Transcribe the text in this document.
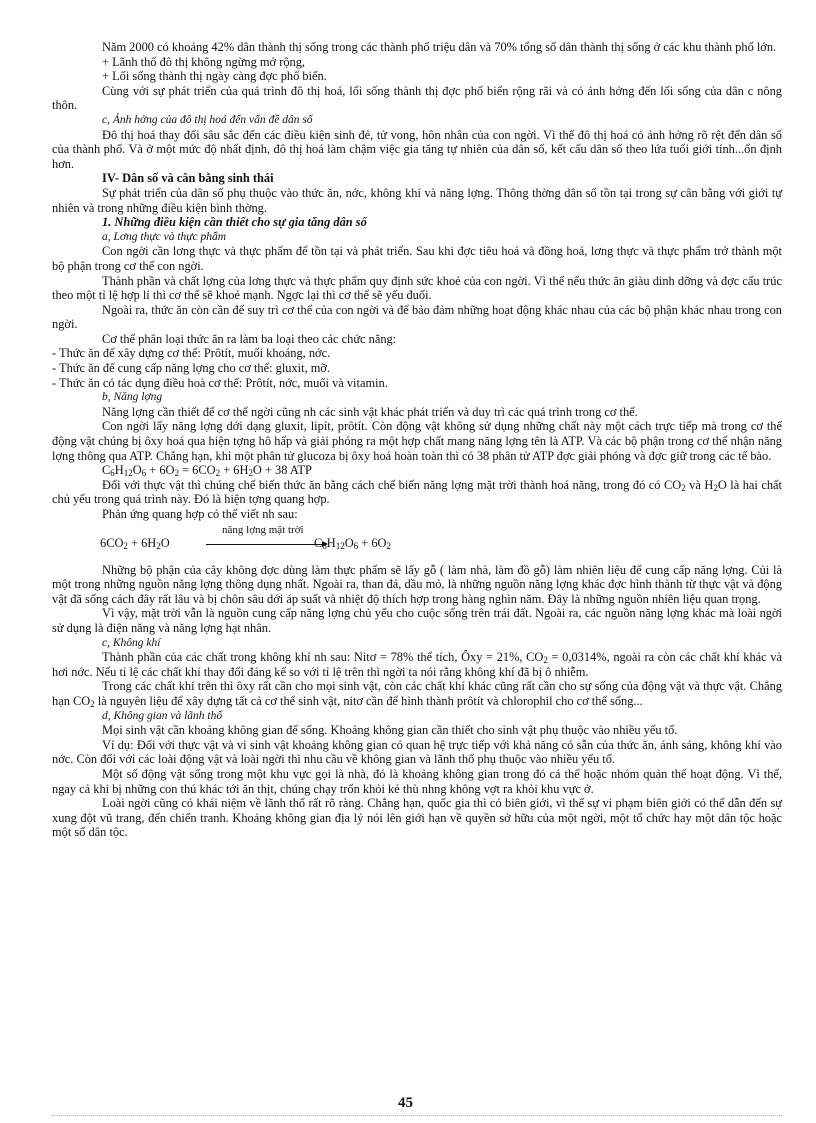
Năm 2000 có khoảng 42% dân thành thị sống trong các thành phố triệu dân và 70% tổng số dân thành thị sống ở các khu thành phố lớn.

+ Lãnh thổ đô thị không ngừng mở rộng,

+ Lối sống thành thị ngày càng đợc phổ biến.

Cùng với sự phát triển của quá trình đô thị hoá, lối sống thành thị đợc phổ biến rộng rãi và có ảnh hởng đến lối sống của dân c nông thôn.

c, Ảnh hởng của đô thị hoá đến vấn đề dân số

Đô thị hoá thay đổi sâu sắc đến các điều kiện sinh đẻ, tử vong, hôn nhân của con ngời. Vì thế đô thị hoá có ảnh hởng rõ rệt đến dân số của thành phố. Và ở một mức độ nhất định, đô thị hoá làm chậm việc gia tăng tự nhiên của dân số, kết cấu dân số theo lứa tuổi giới tính...ổn định hơn.

IV- Dân số và cân bằng sinh thái

Sự phát triển của dân số phụ thuộc vào thức ăn, nớc, không khí và năng lợng. Thông thờng dân số tồn tại trong sự cân bằng với giới tự nhiên và trong những điều kiện bình thờng.

1. Những điều kiện cần thiết cho sự gia tăng dân số

a, Lơng thực và thực phẩm

Con ngời cần lơng thực và thực phẩm để tồn tại và phát triển. Sau khi đợc tiêu hoá và đồng hoá, lơng thực và thực phẩm trở thành một bộ phận trong cơ thể con ngời.

Thành phần và chất lợng của lơng thực và thực phẩm quy định sức khoẻ của con ngời. Vì thế nếu thức ăn giàu dinh dỡng và đợc cấu trúc theo một tỉ lệ hợp lí thì cơ thể sẽ khoẻ mạnh. Ngợc lại thì cơ thể sẽ yếu đuối.

Ngoài ra, thức ăn còn cần để suy trì cơ thể của con ngời và để bảo đảm những hoạt động khác nhau của các bộ phận khác nhau trong con ngời.

Cơ thể phân loại thức ăn ra làm ba loại theo các chức năng:

- Thức ăn để xây dựng cơ thể: Prôtít, muối khoáng, nớc.

- Thức ăn để cung cấp năng lợng cho cơ thể: gluxit, mỡ.

- Thức ăn có tác dụng điều hoà cơ thể: Prôtít, nớc, muối và vitamin.

b, Năng lợng

Năng lợng cần thiết để cơ thể ngời cũng nh các sinh vật khác phát triển và duy trì các quá trình trong cơ thể.

Con ngời lấy năng lợng dới dạng gluxit, lipít, prôtít. Còn động vật không sử dụng những chất này một cách trực tiếp mà trong cơ thể động vật chúng bị ôxy hoá qua hiện tợng hô hấp và giải phóng ra một hợp chất mang năng lợng tên là ATP. Và các bộ phận trong cơ thể nhận năng lợng thông qua ATP. Chẳng hạn, khi một phân tử glucoza bị ôxy hoá hoàn toàn thì có 38 phân tử ATP đợc giải phóng và đợc giữ trong các tế bào.

$C_6H_{12}O_6 + 6O_2 = 6CO_2 + 6H_2O + 38$ ATP

Đối với thực vật thì chúng chế biến thức ăn bằng cách chế biến năng lợng mặt trời thành hoá năng, trong đó có $CO_2$ và $H_2O$ là hai chất chủ yếu trong quá trình này. Đó là hiện tợng quang hợp.

Phản ứng quang hợp có thể viết nh sau:

năng lợng mặt trời
$6CO_2 + 6H_2O$	$C_6H_{12}O_6 + 6O_2$

Những bộ phận của cây không đợc dùng làm thực phẩm sẽ lấy gỗ ( làm nhà, làm đồ gỗ) làm nhiên liệu để cung cấp năng lợng. Củi là một trong những nguồn năng lợng thông dụng nhất. Ngoài ra, than đá, dầu mỏ, là những nguồn năng lợng khác đợc hình thành từ thực vật và động vật đã sống cách đây rất lâu và bị chôn sâu dới áp suất và nhiệt độ thích hợp trong hàng nghìn năm. Đây là những nguồn nhiên liệu quan trọng.

Vì vậy, mặt trời vẫn là nguồn cung cấp năng lợng chủ yếu cho cuộc sống trên trái đất. Ngoài ra, các nguồn năng lợng khác mà loài ngời sử dụng là điện năng và năng lợng hạt nhân.

c, Không khí

Thành phần của các chất trong không khí nh sau: Nitơ = 78% thể tích, Ôxy = 21%, $CO_2 = 0,0314\%$, ngoài ra còn các chất khí khác và hơi nớc. Nếu tỉ lệ các chất khí thay đổi đáng kể so với tỉ lệ trên thì ngời ta nói rằng không khí đã bị ô nhiễm.

Trong các chất khí trên thì ôxy rất cần cho mọi sinh vật, còn các chất khí khác cũng rất cần cho sự sống của động vật và thực vật. Chẳng hạn $CO_2$ là nguyên liệu để xây dựng tất cả cơ thể sinh vật, nitơ cần để hình thành prôtít và chlorophil cho cơ thể sống...

d, Không gian và lãnh thổ

Mọi sinh vật cần khoảng không gian để sống. Khoảng không gian cần thiết cho sinh vật phụ thuộc vào nhiều yếu tố.

Ví dụ: Đối với thực vật và vi sinh vật khoảng không gian có quan hệ trực tiếp với khả năng có sẵn của thức ăn, ánh sáng, không khí vào nớc. Còn đối với các loài động vật và loài ngời thì nhu cầu về không gian và lãnh thổ phụ thuộc vào nhiều yếu tố.

Một số động vật sống trong một khu vực gọi là nhà, đó là khoảng không gian trong đó cá thể hoặc nhóm quản thể hoạt động. Vì thế, ngay cả khi bị những con thú khác tới ăn thịt, chúng chạy trốn khỏi kẻ thù nhng không vợt ra khỏi khu vực ở.

Loài ngời cũng có khái niệm về lãnh thổ rất rõ ràng. Chẳng hạn, quốc gia thì có biên giới, vì thế sự vi phạm biên giới có thể dẫn đến sự xung đột vũ trang, đến chiến tranh. Khoảng không gian địa lý nói lên giới hạn về quyền sở hữu của một ngời, một tổ chức hay một dân tộc hoặc một số dân tộc.

45
